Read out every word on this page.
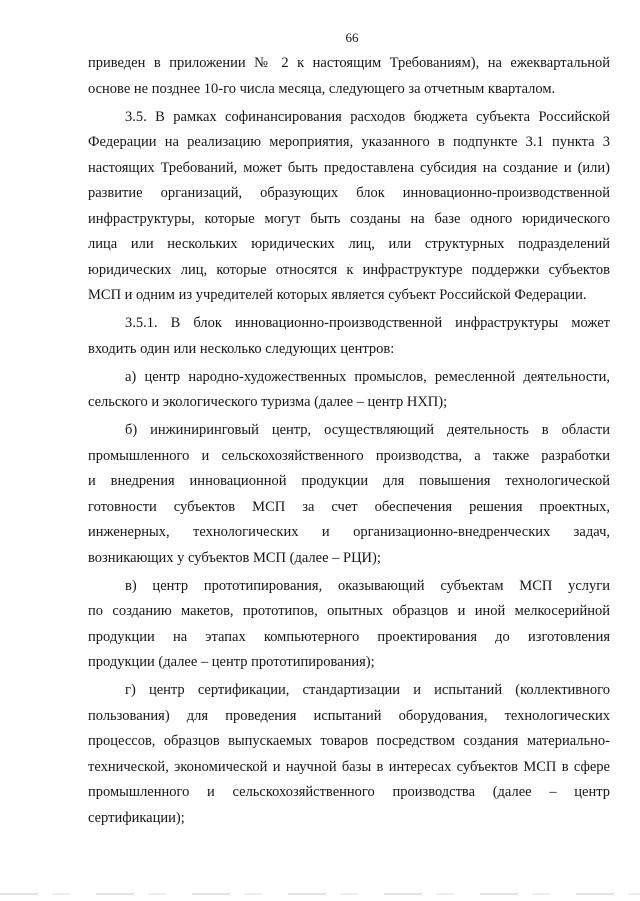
66
приведен в приложении № 2 к настоящим Требованиям), на ежеквартальной
основе не позднее 10-го числа месяца, следующего за отчетным кварталом.
3.5. В рамках софинансирования расходов бюджета субъекта Российской
Федерации на реализацию мероприятия, указанного в подпункте 3.1 пункта 3
настоящих Требований, может быть предоставлена субсидия на создание и (или)
развитие организаций, образующих блок инновационно-производственной
инфраструктуры, которые могут быть созданы на базе одного юридического
лица или нескольких юридических лиц, или структурных подразделений
юридических лиц, которые относятся к инфраструктуре поддержки субъектов
МСП и одним из учредителей которых является субъект Российской Федерации.
3.5.1. В блок инновационно-производственной инфраструктуры может
входить один или несколько следующих центров:
а) центр народно-художественных промыслов, ремесленной деятельности,
сельского и экологического туризма (далее – центр НХП);
б) инжиниринговый центр, осуществляющий деятельность в области
промышленного и сельскохозяйственного производства, а также разработки
и внедрения инновационной продукции для повышения технологической
готовности субъектов МСП за счет обеспечения решения проектных,
инженерных, технологических и организационно-внедренческих задач,
возникающих у субъектов МСП (далее – РЦИ);
в) центр прототипирования, оказывающий субъектам МСП услуги
по созданию макетов, прототипов, опытных образцов и иной мелкосерийной
продукции на этапах компьютерного проектирования до изготовления
продукции (далее – центр прототипирования);
г) центр сертификации, стандартизации и испытаний (коллективного
пользования) для проведения испытаний оборудования, технологических
процессов, образцов выпускаемых товаров посредством создания материально-
технической, экономической и научной базы в интересах субъектов МСП в сфере
промышленного и сельскохозяйственного производства (далее – центр
сертификации);
